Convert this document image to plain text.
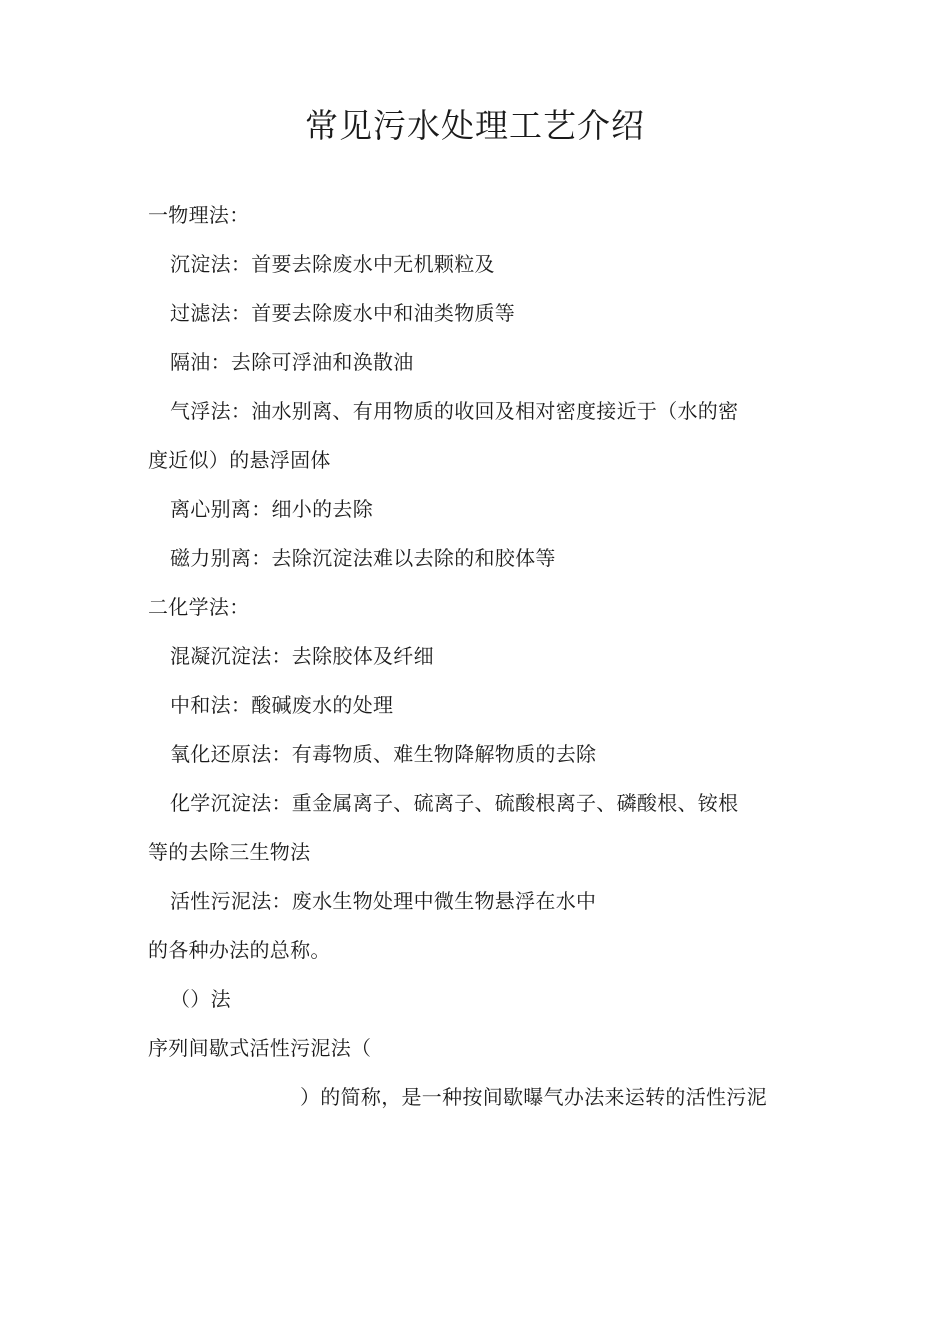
常见污水处理工艺介绍
一物理法：
沉淀法：首要去除废水中无机颗粒及
过滤法：首要去除废水中和油类物质等
隔油：去除可浮油和涣散油
气浮法：油水别离、有用物质的收回及相对密度接近于（水的密
度近似）的悬浮固体
离心别离：细小的去除
磁力别离：去除沉淀法难以去除的和胶体等
二化学法：
混凝沉淀法：去除胶体及纤细
中和法：酸碱废水的处理
氧化还原法：有毒物质、难生物降解物质的去除
化学沉淀法：重金属离子、硫离子、硫酸根离子、磷酸根、铵根
等的去除三生物法
活性污泥法：废水生物处理中微生物悬浮在水中
的各种办法的总称。
（）法
序列间歇式活性污泥法（
）的简称，是一种按间歇曝气办法来运转的活性污泥
